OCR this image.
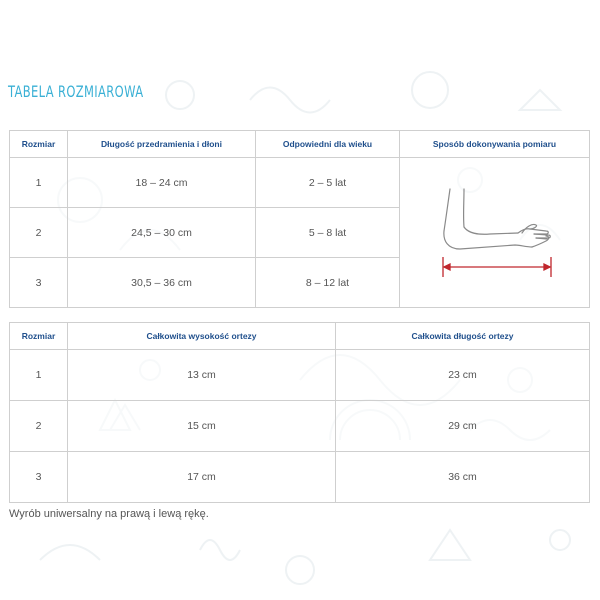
TABELA ROZMIAROWA
Rozmiar	Długość przedramienia i dłoni	Odpowiedni dla wieku	Sposób dokonywania pomiaru
1	18 – 24 cm	2 – 5 lat	

2	24,5 – 30 cm	5 – 8 lat	
3	30,5 – 36 cm	8 – 12 lat	
Rozmiar	Całkowita wysokość ortezy	Całkowita długość ortezy
1	13 cm	23 cm
2	15 cm	29 cm
3	17 cm	36 cm
Wyrób uniwersalny na prawą i lewą rękę.
